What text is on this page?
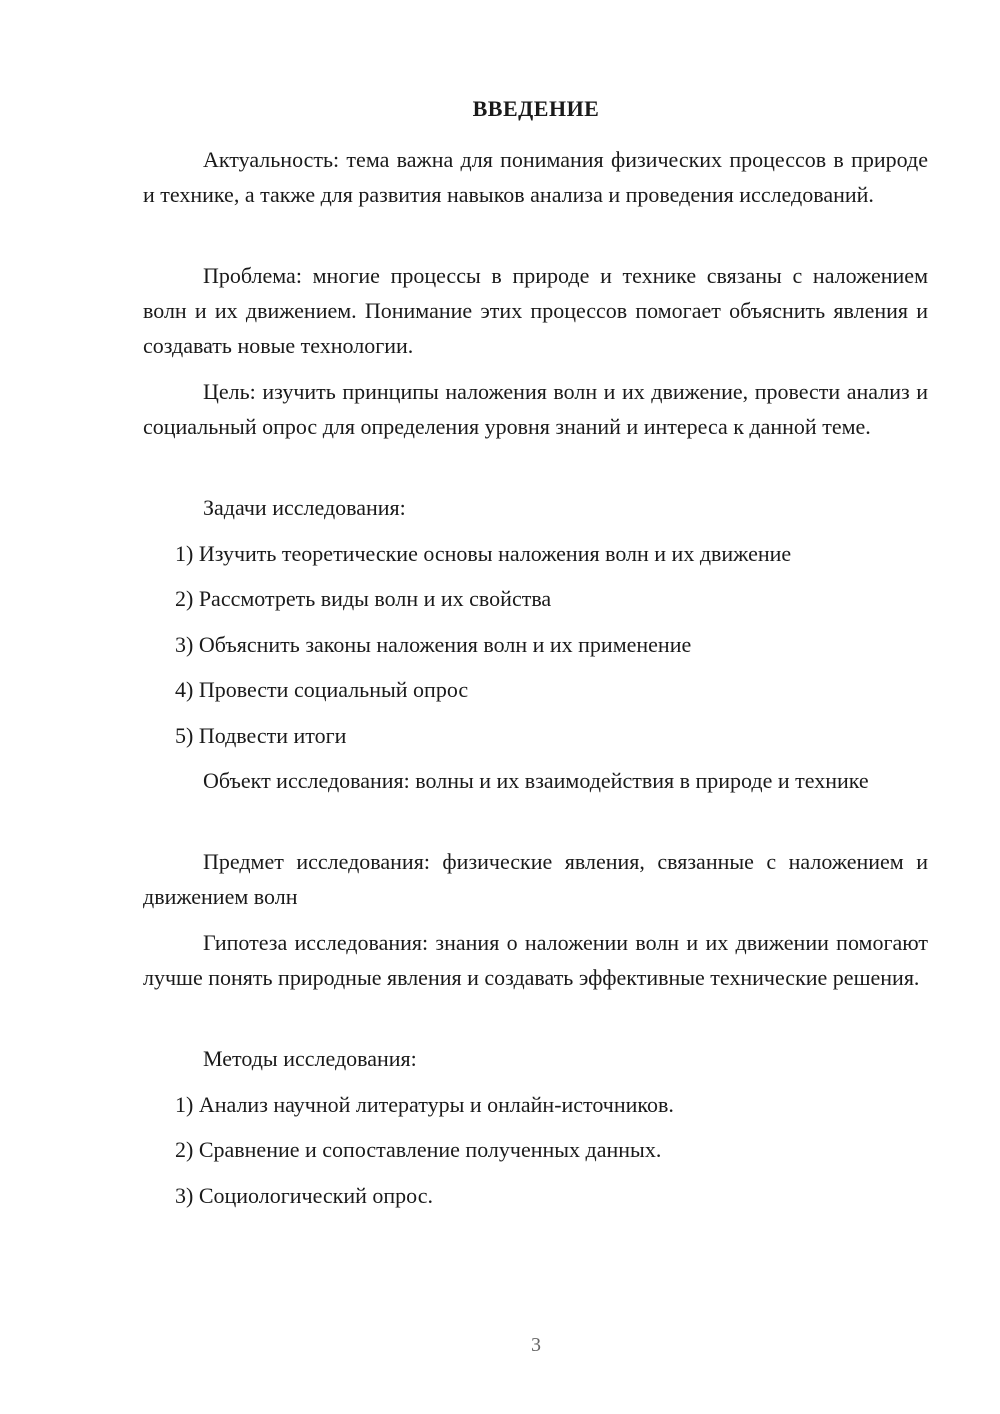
ВВЕДЕНИЕ
Актуальность: тема важна для понимания физических процессов в природе и технике, а также для развития навыков анализа и проведения исследований.
Проблема: многие процессы в природе и технике связаны с наложением волн и их движением. Понимание этих процессов помогает объяснить явления и создавать новые технологии.
Цель: изучить принципы наложения волн и их движение, провести анализ и социальный опрос для определения уровня знаний и интереса к данной теме.
Задачи исследования:
1) Изучить теоретические основы наложения волн и их движение
2) Рассмотреть виды волн и их свойства
3) Объяснить законы наложения волн и их применение
4) Провести социальный опрос
5) Подвести итоги
Объект исследования: волны и их взаимодействия в природе и технике
Предмет исследования: физические явления, связанные с наложением и движением волн
Гипотеза исследования: знания о наложении волн и их движении помогают лучше понять природные явления и создавать эффективные технические решения.
Методы исследования:
1) Анализ научной литературы и онлайн-источников.
2) Сравнение и сопоставление полученных данных.
3) Социологический опрос.
3
